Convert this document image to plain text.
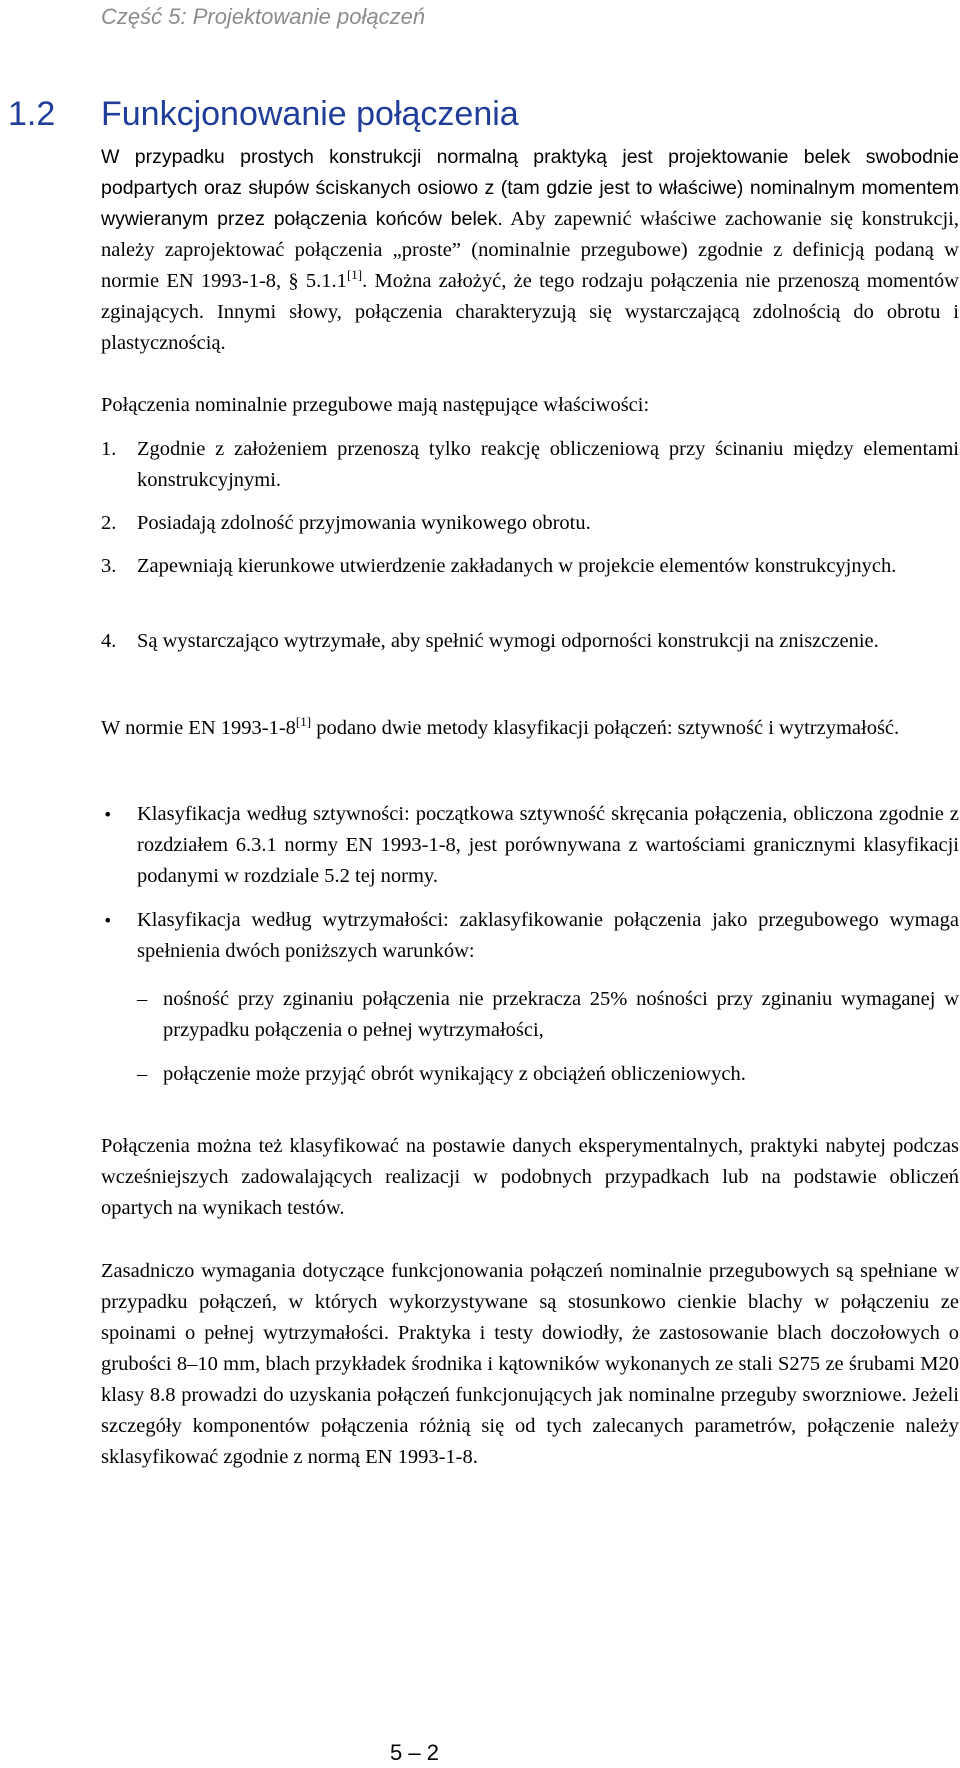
Część 5: Projektowanie połączeń
1.2 Funkcjonowanie połączenia

W przypadku prostych konstrukcji normalną praktyką jest projektowanie belek swobodnie podpartych oraz słupów ściskanych osiowo z (tam gdzie jest to właściwe) nominalnym momentem wywieranym przez połączenia końców belek. Aby zapewnić właściwe zachowanie się konstrukcji, należy zaprojektować połączenia „proste” (nominalnie przegubowe) zgodnie z definicją podaną w normie EN 1993-1-8, § 5.1.1[1]. Można założyć, że tego rodzaju połączenia nie przenoszą momentów zginających. Innymi słowy, połączenia charakteryzują się wystarczającą zdolnością do obrotu i plastycznością.

Połączenia nominalnie przegubowe mają następujące właściwości:

1. Zgodnie z założeniem przenoszą tylko reakcję obliczeniową przy ścinaniu między elementami konstrukcyjnymi.
2. Posiadają zdolność przyjmowania wynikowego obrotu.
3. Zapewniają kierunkowe utwierdzenie zakładanych w projekcie elementów konstrukcyjnych.
4. Są wystarczająco wytrzymałe, aby spełnić wymogi odporności konstrukcji na zniszczenie.

W normie EN 1993-1-8[1] podano dwie metody klasyfikacji połączeń: sztywność i wytrzymałość.

• Klasyfikacja według sztywności: początkowa sztywność skręcania połączenia, obliczona zgodnie z rozdziałem 6.3.1 normy EN 1993-1-8, jest porównywana z wartościami granicznymi klasyfikacji podanymi w rozdziale 5.2 tej normy.
• Klasyfikacja według wytrzymałości: zaklasyfikowanie połączenia jako przegubowego wymaga spełnienia dwóch poniższych warunków:
– nośność przy zginaniu połączenia nie przekracza 25% nośności przy zginaniu wymaganej w przypadku połączenia o pełnej wytrzymałości,
– połączenie może przyjąć obrót wynikający z obciążeń obliczeniowych.

Połączenia można też klasyfikować na postawie danych eksperymentalnych, praktyki nabytej podczas wcześniejszych zadowalających realizacji w podobnych przypadkach lub na podstawie obliczeń opartych na wynikach testów.

Zasadniczo wymagania dotyczące funkcjonowania połączeń nominalnie przegubowych są spełniane w przypadku połączeń, w których wykorzystywane są stosunkowo cienkie blachy w połączeniu ze spoinami o pełnej wytrzymałości. Praktyka i testy dowiodły, że zastosowanie blach doczołowych o grubości 8–10 mm, blach przykładek środnika i kątowników wykonanych ze stali S275 ze śrubami M20 klasy 8.8 prowadzi do uzyskania połączeń funkcjonujących jak nominalne przeguby sworzniowe. Jeżeli szczegóły komponentów połączenia różnią się od tych zalecanych parametrów, połączenie należy sklasyfikować zgodnie z normą EN 1993-1-8.

5 – 2
